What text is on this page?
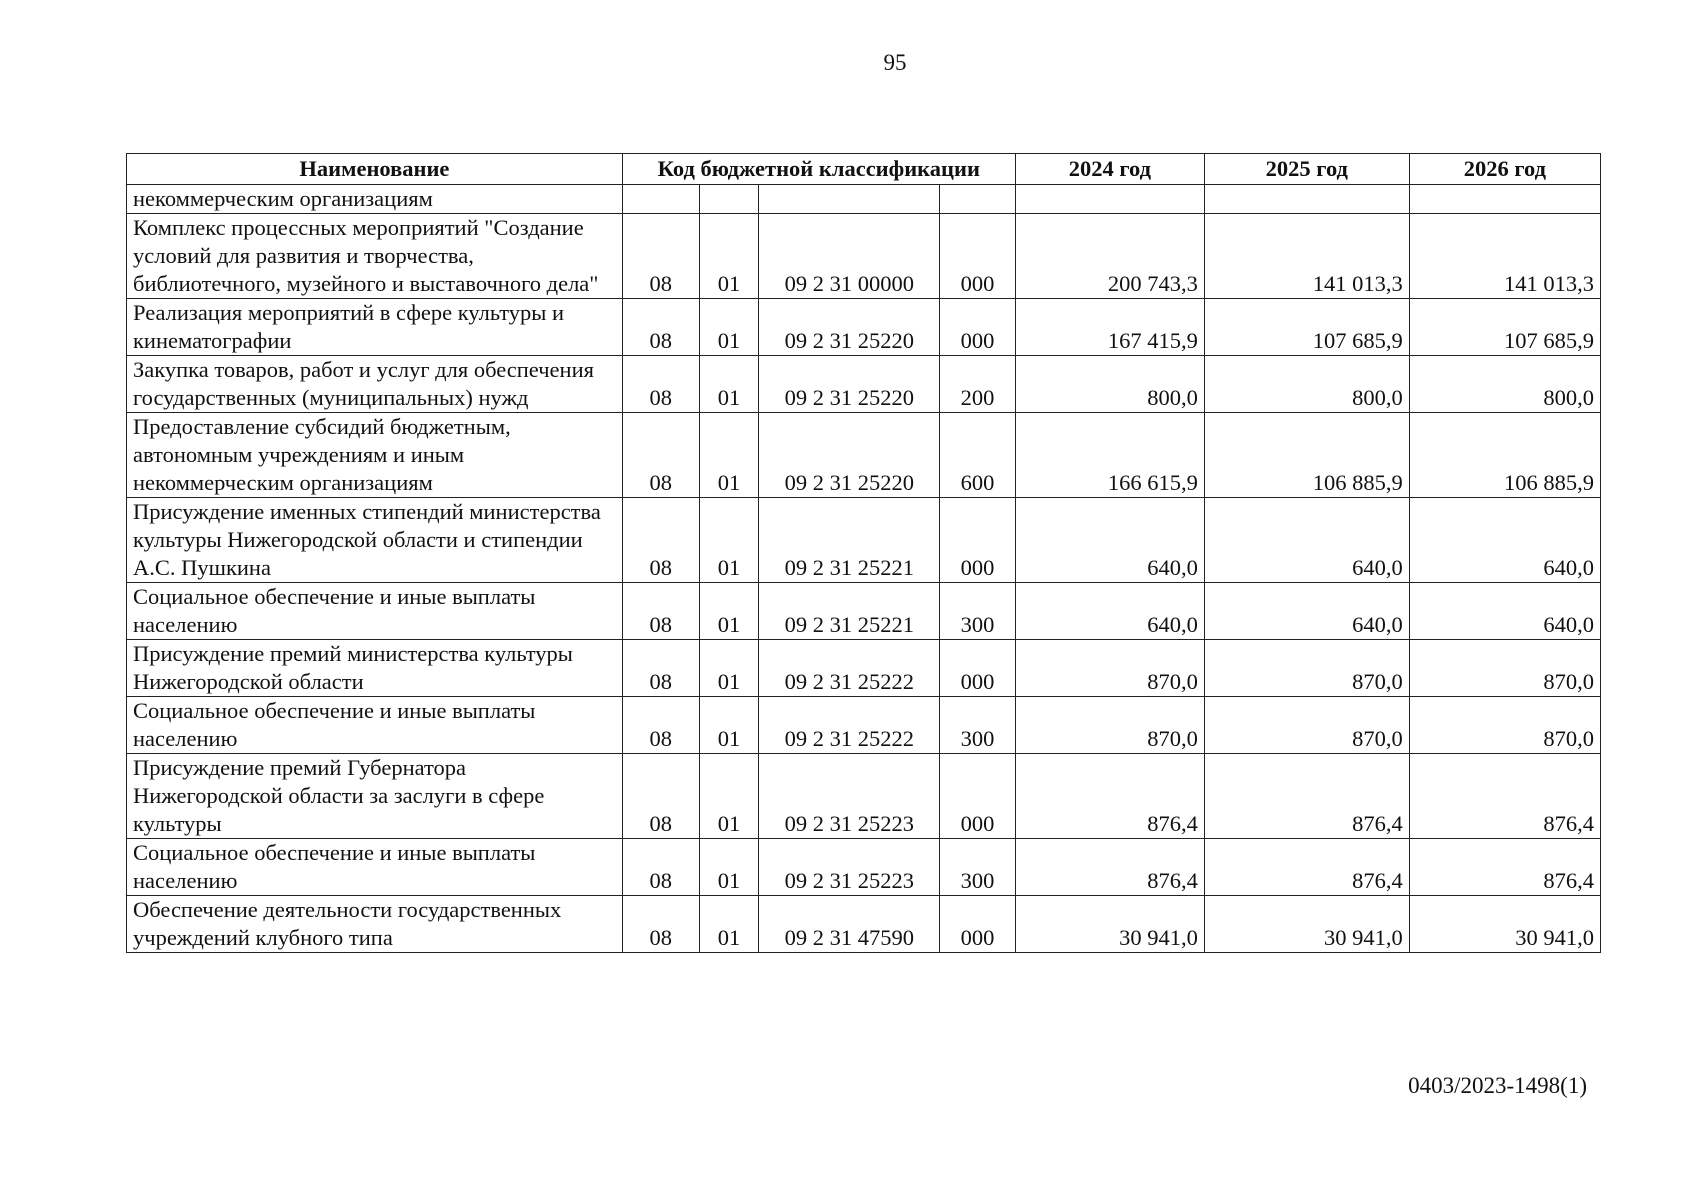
95
Наименование	Код бюджетной классификации				2024 год	2025 год	2026 год
некоммерческим организациям							
Комплекс процессных мероприятий "Создание условий для развития и творчества, библиотечного, музейного и выставочного дела"	08	01	09 2 31 00000	000	200 743,3	141 013,3	141 013,3
Реализация мероприятий в сфере культуры и кинематографии	08	01	09 2 31 25220	000	167 415,9	107 685,9	107 685,9
Закупка товаров, работ и услуг для обеспечения государственных (муниципальных) нужд	08	01	09 2 31 25220	200	800,0	800,0	800,0
Предоставление субсидий бюджетным, автономным учреждениям и иным некоммерческим организациям	08	01	09 2 31 25220	600	166 615,9	106 885,9	106 885,9
Присуждение именных стипендий министерства культуры Нижегородской области и стипендии А.С. Пушкина	08	01	09 2 31 25221	000	640,0	640,0	640,0
Социальное обеспечение и иные выплаты населению	08	01	09 2 31 25221	300	640,0	640,0	640,0
Присуждение премий министерства культуры Нижегородской области	08	01	09 2 31 25222	000	870,0	870,0	870,0
Социальное обеспечение и иные выплаты населению	08	01	09 2 31 25222	300	870,0	870,0	870,0
Присуждение премий Губернатора Нижегородской области за заслуги в сфере культуры	08	01	09 2 31 25223	000	876,4	876,4	876,4
Социальное обеспечение и иные выплаты населению	08	01	09 2 31 25223	300	876,4	876,4	876,4
Обеспечение деятельности государственных учреждений клубного типа	08	01	09 2 31 47590	000	30 941,0	30 941,0	30 941,0
0403/2023-1498(1)
